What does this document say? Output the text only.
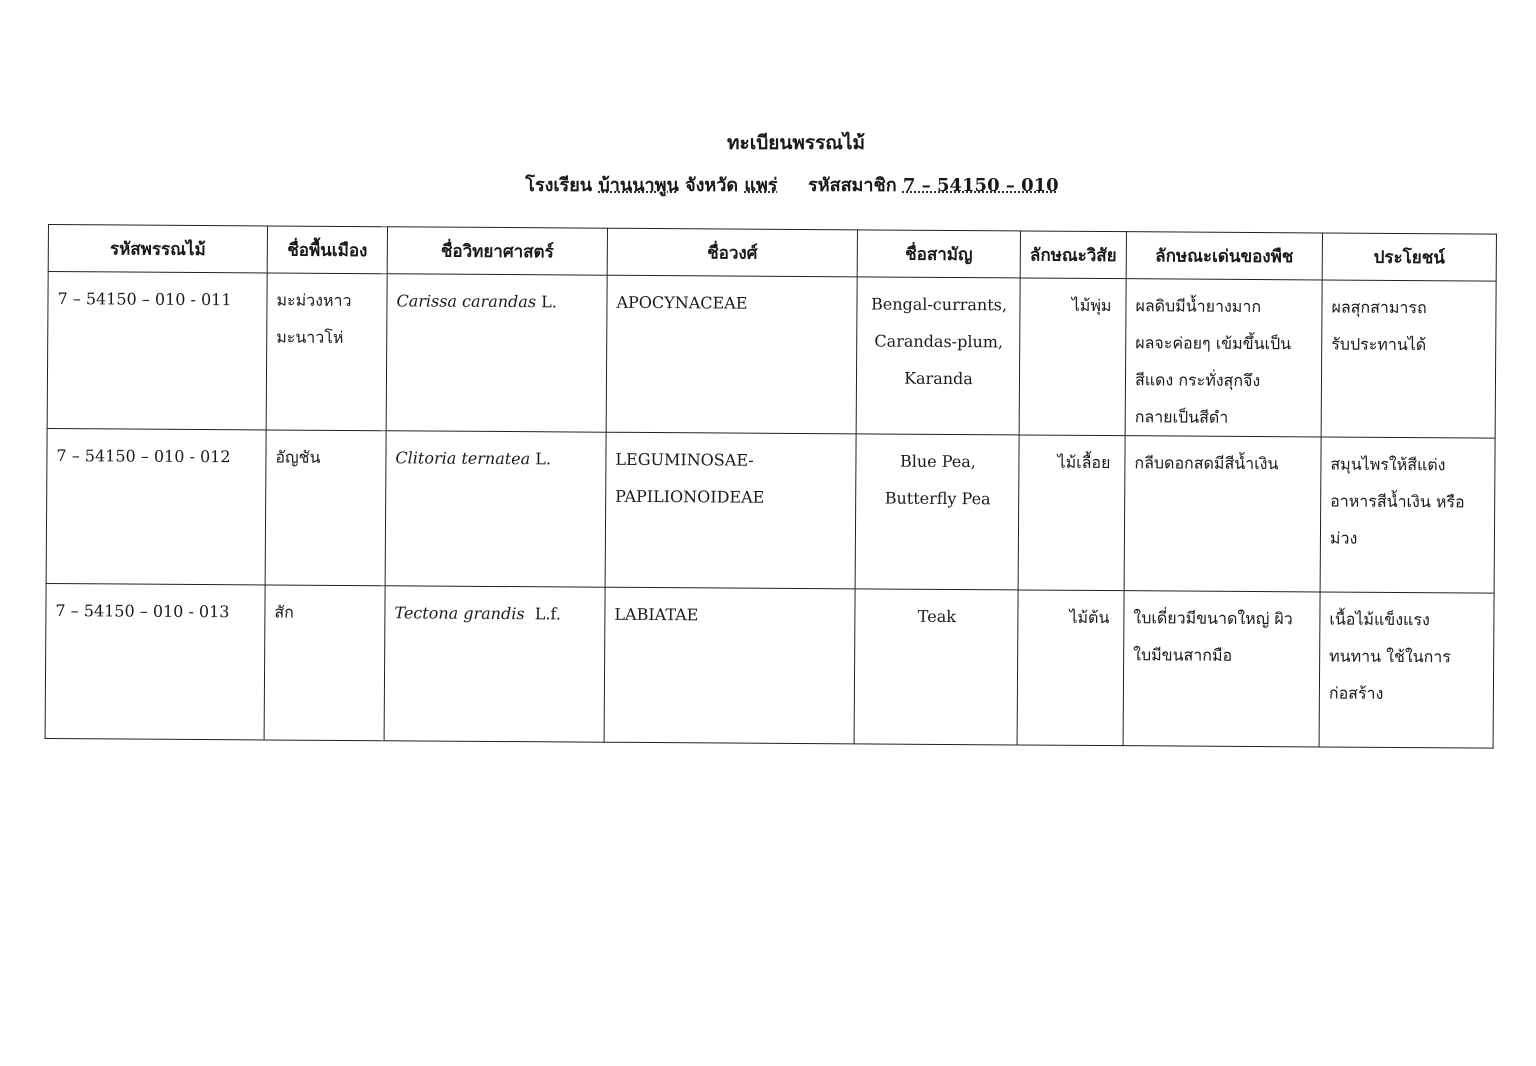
ทะเบียนพรรณไม้
โรงเรียน บ้านนาพูน จังหวัด แพร่ รหัสสมาชิก 7 – 54150 – 010
รหัสพรรณไม้	ชื่อพื้นเมือง	ชื่อวิทยาศาสตร์	ชื่อวงศ์	ชื่อสามัญ	ลักษณะวิสัย	ลักษณะเด่นของพืช	ประโยชน์

7 – 54150 – 010 - 011	มะม่วงหาว
มะนาวโห่	Carissa carandas L.	APOCYNACEAE	Bengal-currants,
Carandas-plum,
Karanda	ไม้พุ่ม	ผลดิบมีน้ำยางมาก
ผลจะค่อยๆ เข้มขึ้นเป็น
สีแดง กระทั่งสุกจึง
กลายเป็นสีดำ	ผลสุกสามารถ
รับประทานได้

7 – 54150 – 010 - 012	อัญชัน	Clitoria ternatea L.	LEGUMINOSAE-
PAPILIONOIDEAE	Blue Pea,
Butterfly Pea	ไม้เลื้อย	กลีบดอกสดมีสีน้ำเงิน	สมุนไพรให้สีแต่ง
อาหารสีน้ำเงิน หรือ
ม่วง

7 – 54150 – 010 - 013	สัก	Tectona grandis  L.f.	LABIATAE	Teak	ไม้ต้น	ใบเดี่ยวมีขนาดใหญ่ ผิว
ใบมีขนสากมือ	เนื้อไม้แข็งแรง
ทนทาน ใช้ในการ
ก่อสร้าง
